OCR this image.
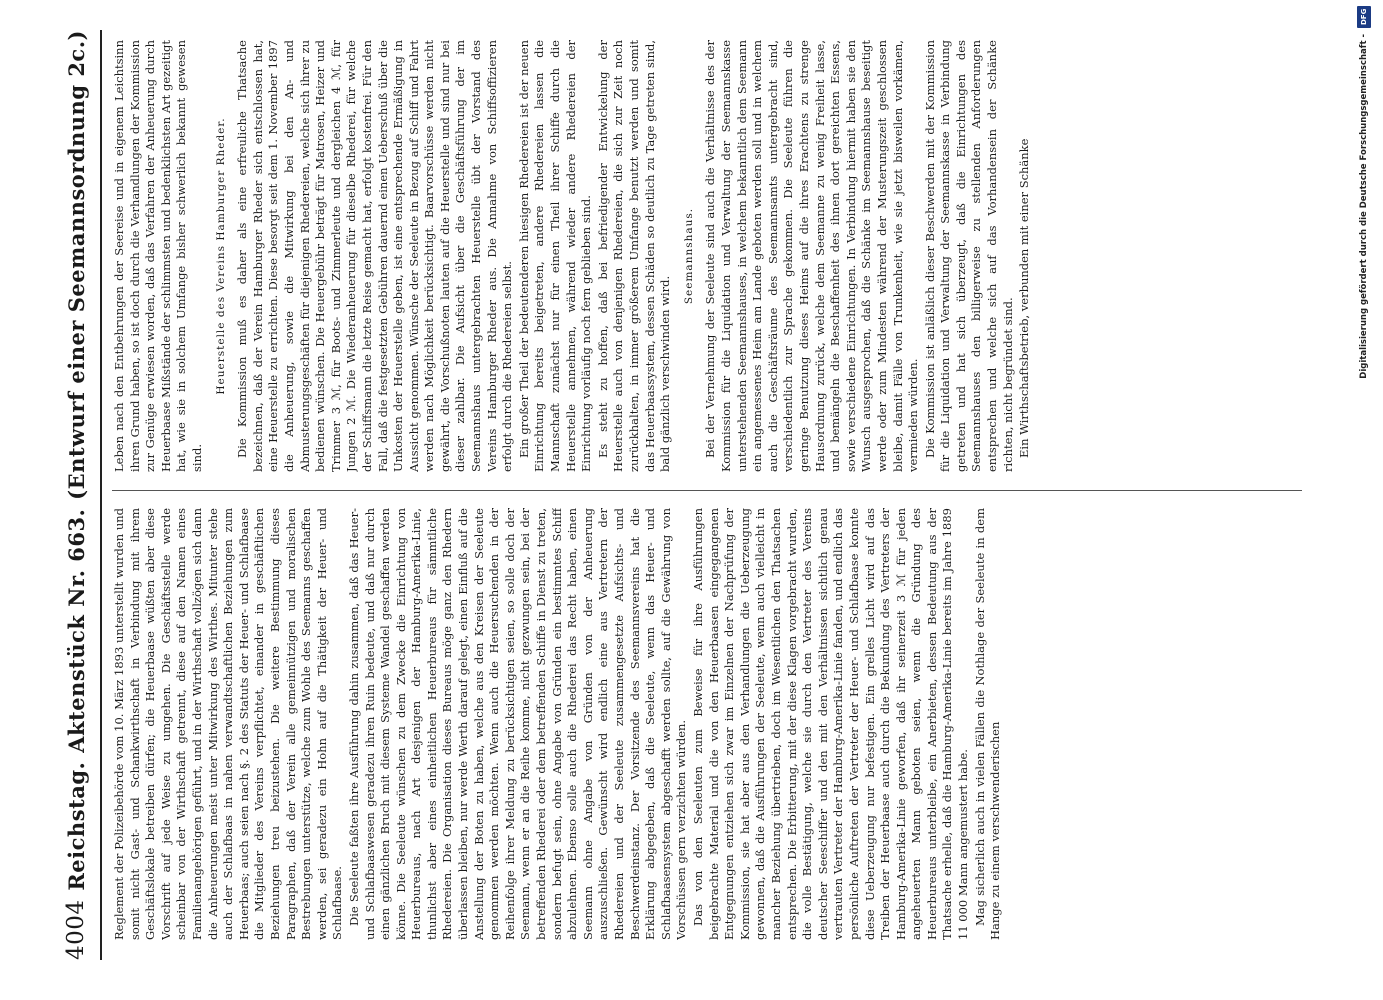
4004
Reichstag.
Aktenstück Nr. 663.
(Entwurf einer Seemannsordnung 2c.)

Reglement der Polizeibehörde vom 10. März 1893 unterstellt wurden und somit nicht Gast- und Schankwirthschaft in Verbindung mit ihrem Geschäftslokale betreiben dürfen; die Heuerbaase wüßten aber diese Vorschrift auf jede Weise zu umgehen. Die Geschäftsstelle werde scheinbar von der Wirthschaft getrennt, diese auf den Namen eines Familienangehörigen geführt, und in der Wirthschaft vollzögen sich dann die Anheuerungen meist unter Mitwirkung des Wirthes. Mitunter stehe auch der Schlafbaas in nahen verwandtschaftlichen Beziehungen zum Heuerbaas; auch seien nach §. 2 des Statuts der Heuer- und Schlafbaase die Mitglieder des Vereins verpflichtet, einander in geschäftlichen Beziehungen treu beizustehen. Die weitere Bestimmung dieses Paragraphen, daß der Verein alle gemeinnützigen und moralischen Bestrebungen unterstütze, welche zum Wohle des Seemanns geschaffen werden, sei geradezu ein Hohn auf die Thätigkeit der Heuer- und Schlafbaase. Die Seeleute faßten ihre Ausführung dahin zusammen, daß das Heuer- und Schlafbaaswesen geradezu ihren Ruin bedeute, und daß nur durch einen gänzlichen Bruch mit diesem Systeme Wandel geschaffen werden könne. Die Seeleute wünschen zu dem Zwecke die Einrichtung von Heuerbureaus, nach Art desjenigen der Hamburg-Amerika-Linie, thunlichst aber eines einheitlichen Heuerbureaus für sämmtliche Rhedereien. Die Organisation dieses Bureaus möge ganz den Rhedern überlassen bleiben, nur werde Werth darauf gelegt, einen Einfluß auf die Anstellung der Boten zu haben, welche aus den Kreisen der Seeleute genommen werden möchten. Wenn auch die Heuersuchenden in der Reihenfolge ihrer Meldung zu berücksichtigen seien, so solle doch der Seemann, wenn er an die Reihe komme, nicht gezwungen sein, bei der betreffenden Rhederei oder dem betreffenden Schiffe in Dienst zu treten, sondern befugt sein, ohne Angabe von Gründen ein bestimmtes Schiff abzulehnen. Ebenso solle auch die Rhederei das Recht haben, einen Seemann ohne Angabe von Gründen von der Anheuerung auszuschließen. Gewünscht wird endlich eine aus Vertretern der Rhedereien und der Seeleute zusammengesetzte Aufsichts- und Beschwerdeinstanz. Der Vorsitzende des Seemannsvereins hat die Erklärung abgegeben, daß die Seeleute, wenn das Heuer- und Schlafbaasensystem abgeschafft werden sollte, auf die Gewährung von Vorschüssen gern verzichten würden. Das von den Seeleuten zum Beweise für ihre Ausführungen beigebrachte Material und die von den Heuerbaasen eingegangenen Entgegnungen entziehen sich zwar im Einzelnen der Nachprüfung der Kommission, sie hat aber aus den Verhandlungen die Ueberzeugung gewonnen, daß die Ausführungen der Seeleute, wenn auch vielleicht in mancher Beziehung übertrieben, doch im Wesentlichen den Thatsachen entsprechen. Die Erbitterung, mit der diese Klagen vorgebracht wurden, die volle Bestätigung, welche sie durch den Vertreter des Vereins deutscher Seeschiffer und den mit den Verhältnissen sichtlich genau vertrauten Vertreter der Hamburg-Amerika-Linie fanden, und endlich das persönliche Auftreten der Vertreter der Heuer- und Schlafbaase konnte diese Ueberzeugung nur befestigen. Ein grelles Licht wird auf das Treiben der Heuerbaase auch durch die Bekundung des Vertreters der Hamburg-Amerika-Linie geworfen, daß ihr seinerzeit 3 ℳ für jeden angeheuerten Mann geboten seien, wenn die Gründung des Heuerbureaus unterbleibe, ein Anerbieten, dessen Bedeutung aus der Thatsache erhelle, daß die Hamburg-Amerika-Linie bereits im Jahre 1889 11 000 Mann angemustert habe. Mag sicherlich auch in vielen Fällen die Nothlage der Seeleute in dem Hange zu einem verschwenderischen

Leben nach den Entbehrungen der Seereise und in eigenem Leichtsinn ihren Grund haben, so ist doch durch die Verhandlungen der Kommission zur Genüge erwiesen worden, daß das Verfahren der Anheuerung durch Heuerbaase Mißstände der schlimmsten und bedenklichsten Art gezeitigt hat, wie sie in solchem Umfange bisher schwerlich bekannt gewesen sind.

Heuerstelle des Vereins Hamburger Rheder. Die Kommission muß es daher als eine erfreuliche Thatsache bezeichnen, daß der Verein Hamburger Rheder sich entschlossen hat, eine Heuerstelle zu errichten. Diese besorgt seit dem 1. November 1897 die Anheuerung, sowie die Mitwirkung bei den An- und Abmusterungsgeschäften für diejenigen Rhedereien, welche sich ihrer zu bedienen wünschen. Die Heuergebühr beträgt für Matrosen, Heizer und Trimmer 3 ℳ, für Boots- und Zimmerleute und dergleichen 4 ℳ, für Jungen 2 ℳ. Die Wiederanheuerung für dieselbe Rhederei, für welche der Schiffsmann die letzte Reise gemacht hat, erfolgt kostenfrei. Für den Fall, daß die festgesetzten Gebühren dauernd einen Ueberschuß über die Unkosten der Heuerstelle geben, ist eine entsprechende Ermäßigung in Aussicht genommen. Wünsche der Seeleute in Bezug auf Schiff und Fahrt werden nach Möglichkeit berücksichtigt. Baarvorschüsse werden nicht gewährt, die Vorschußnoten lauten auf die Heuerstelle und sind nur bei dieser zahlbar. Die Aufsicht über die Geschäftsführung der im Seemannshaus untergebrachten Heuerstelle übt der Vorstand des Vereins Hamburger Rheder aus. Die Annahme von Schiffsoffizieren erfolgt durch die Rhedereien selbst. Ein großer Theil der bedeutenderen hiesigen Rhedereien ist der neuen Einrichtung bereits beigetreten, andere Rhedereien lassen die Mannschaft zunächst nur für einen Theil ihrer Schiffe durch die Heuerstelle annehmen, während wieder andere Rhedereien der Einrichtung vorläufig noch fern geblieben sind. Es steht zu hoffen, daß bei befriedigender Entwickelung der Heuerstelle auch von denjenigen Rhedereien, die sich zur Zeit noch zurückhalten, in immer größerem Umfange benutzt werden und somit das Heuerbaassystem, dessen Schäden so deutlich zu Tage getreten sind, bald gänzlich verschwinden wird.

Seemannshaus. Bei der Vernehmung der Seeleute sind auch die Verhältnisse des der Kommission für die Liquidation und Verwaltung der Seemannskasse unterstehenden Seemannshauses, in welchem bekanntlich dem Seemann ein angemessenes Heim am Lande geboten werden soll und in welchem auch die Geschäftsräume des Seemannsamts untergebracht sind, verschiedentlich zur Sprache gekommen. Die Seeleute führen die geringe Benutzung dieses Heims auf die ihres Erachtens zu strenge Hausordnung zurück, welche dem Seemanne zu wenig Freiheit lasse, und bemängeln die Beschaffenheit des ihnen dort gereichten Essens, sowie verschiedene Einrichtungen. In Verbindung hiermit haben sie den Wunsch ausgesprochen, daß die Schänke im Seemannshause beseitigt werde oder zum Mindesten während der Musterungszeit geschlossen bleibe, damit Fälle von Trunkenheit, wie sie jetzt bisweilen vorkämen, vermieden würden. Die Kommission ist anläßlich dieser Beschwerden mit der Kommission für die Liquidation und Verwaltung der Seemannskasse in Verbindung getreten und hat sich überzeugt, daß die Einrichtungen des Seemannshauses den billigerweise zu stellenden Anforderungen entsprechen und welche sich auf das Vorhandensein der Schänke richten, nicht begründet sind. Ein Wirthschaftsbetrieb, verbunden mit einer Schänke

DFG
Digitalisierung gefördert durch die Deutsche Forschungsgemeinschaft -
